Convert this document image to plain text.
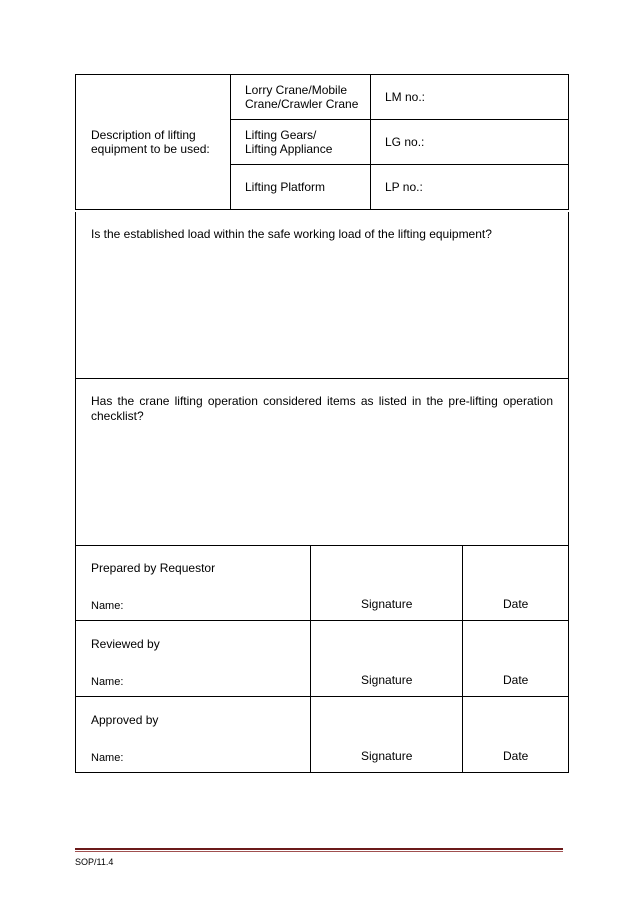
Description of lifting equipment to be used:	Lorry Crane/Mobile
Crane/Crawler Crane	LM no.:
	Lifting Gears/
Lifting Appliance	LG no.:
	Lifting Platform	LP no.:

Is the established load within the safe working load of the lifting equipment?

Has the crane lifting operation considered items as listed in the pre-lifting operation checklist?

Prepared by Requestor
Name:	Signature	Date

Reviewed by
Name:	Signature	Date

Approved by
Name:	Signature	Date
SOP/11.4
